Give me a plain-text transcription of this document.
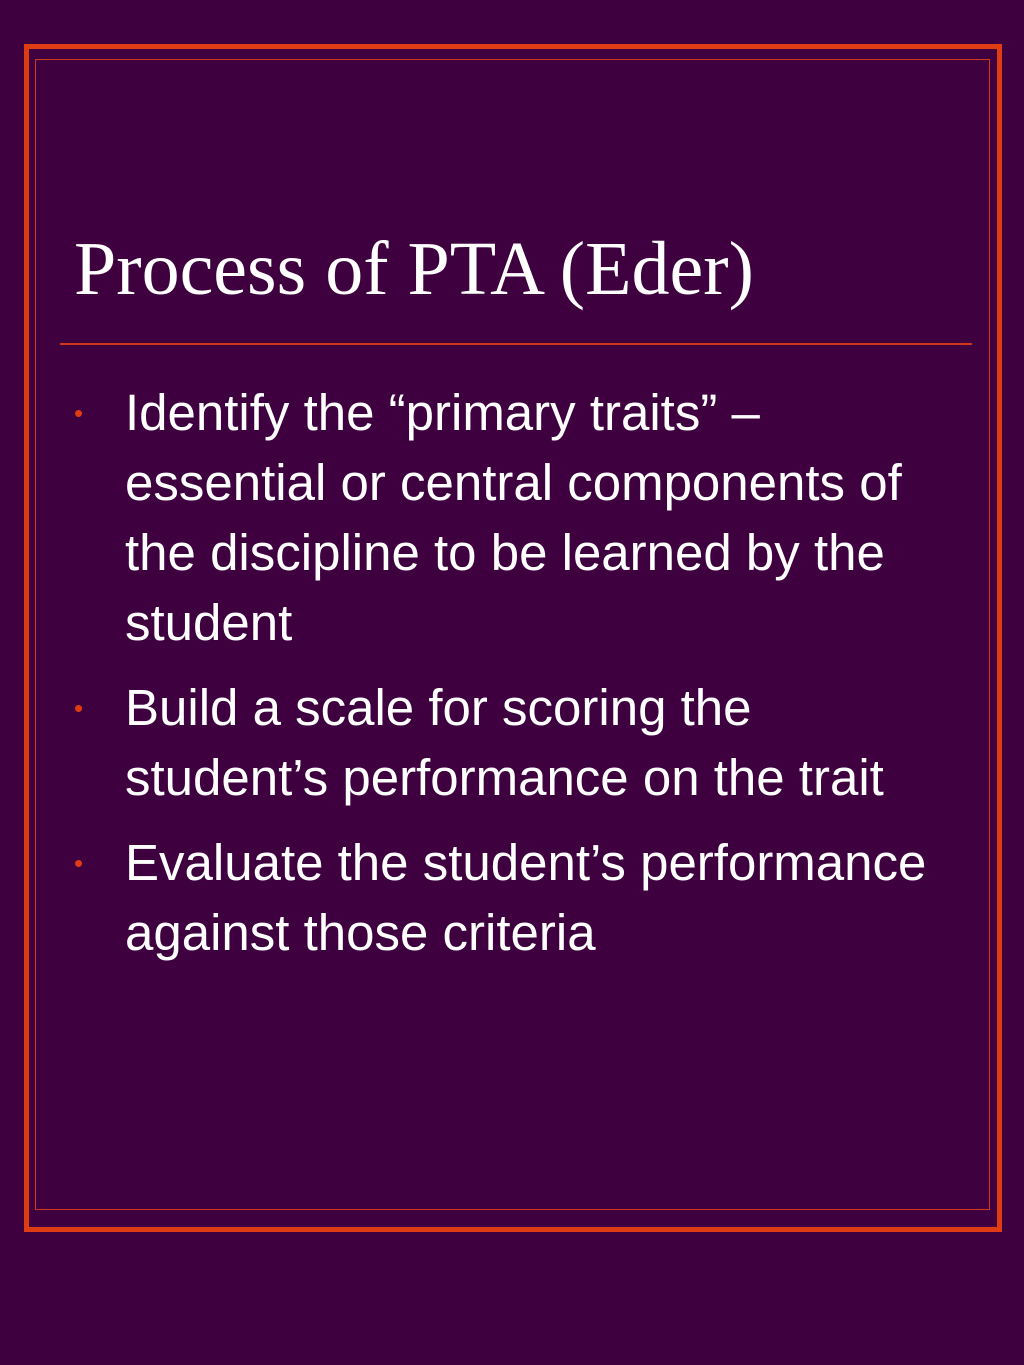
Process of PTA (Eder)
• Identify the “primary traits” – essential or central components of the discipline to be learned by the student
• Build a scale for scoring the student’s performance on the trait
• Evaluate the student’s performance against those criteria
